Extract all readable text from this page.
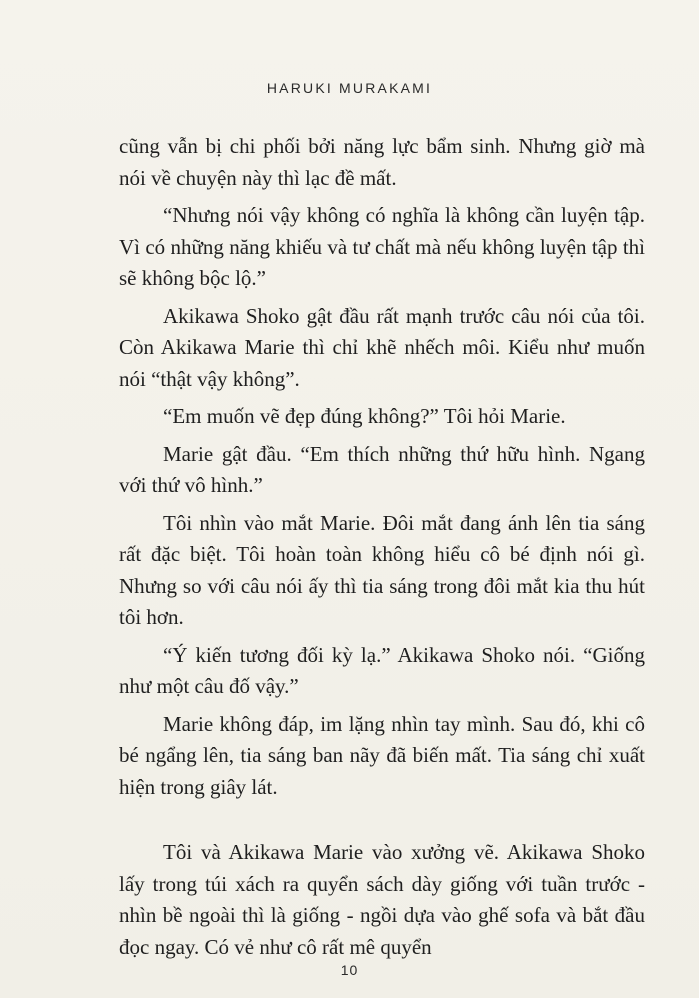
HARUKI MURAKAMI

cũng vẫn bị chi phối bởi năng lực bẩm sinh. Nhưng giờ mà nói về chuyện này thì lạc đề mất.

“Nhưng nói vậy không có nghĩa là không cần luyện tập. Vì có những năng khiếu và tư chất mà nếu không luyện tập thì sẽ không bộc lộ.”

Akikawa Shoko gật đầu rất mạnh trước câu nói của tôi. Còn Akikawa Marie thì chỉ khẽ nhếch môi. Kiểu như muốn nói “thật vậy không”.

“Em muốn vẽ đẹp đúng không?” Tôi hỏi Marie.

Marie gật đầu. “Em thích những thứ hữu hình. Ngang với thứ vô hình.”

Tôi nhìn vào mắt Marie. Đôi mắt đang ánh lên tia sáng rất đặc biệt. Tôi hoàn toàn không hiểu cô bé định nói gì. Nhưng so với câu nói ấy thì tia sáng trong đôi mắt kia thu hút tôi hơn.

“Ý kiến tương đối kỳ lạ.” Akikawa Shoko nói. “Giống như một câu đố vậy.”

Marie không đáp, im lặng nhìn tay mình. Sau đó, khi cô bé ngẩng lên, tia sáng ban nãy đã biến mất. Tia sáng chỉ xuất hiện trong giây lát.

Tôi và Akikawa Marie vào xưởng vẽ. Akikawa Shoko lấy trong túi xách ra quyển sách dày giống với tuần trước - nhìn bề ngoài thì là giống - ngồi dựa vào ghế sofa và bắt đầu đọc ngay. Có vẻ như cô rất mê quyển

10
